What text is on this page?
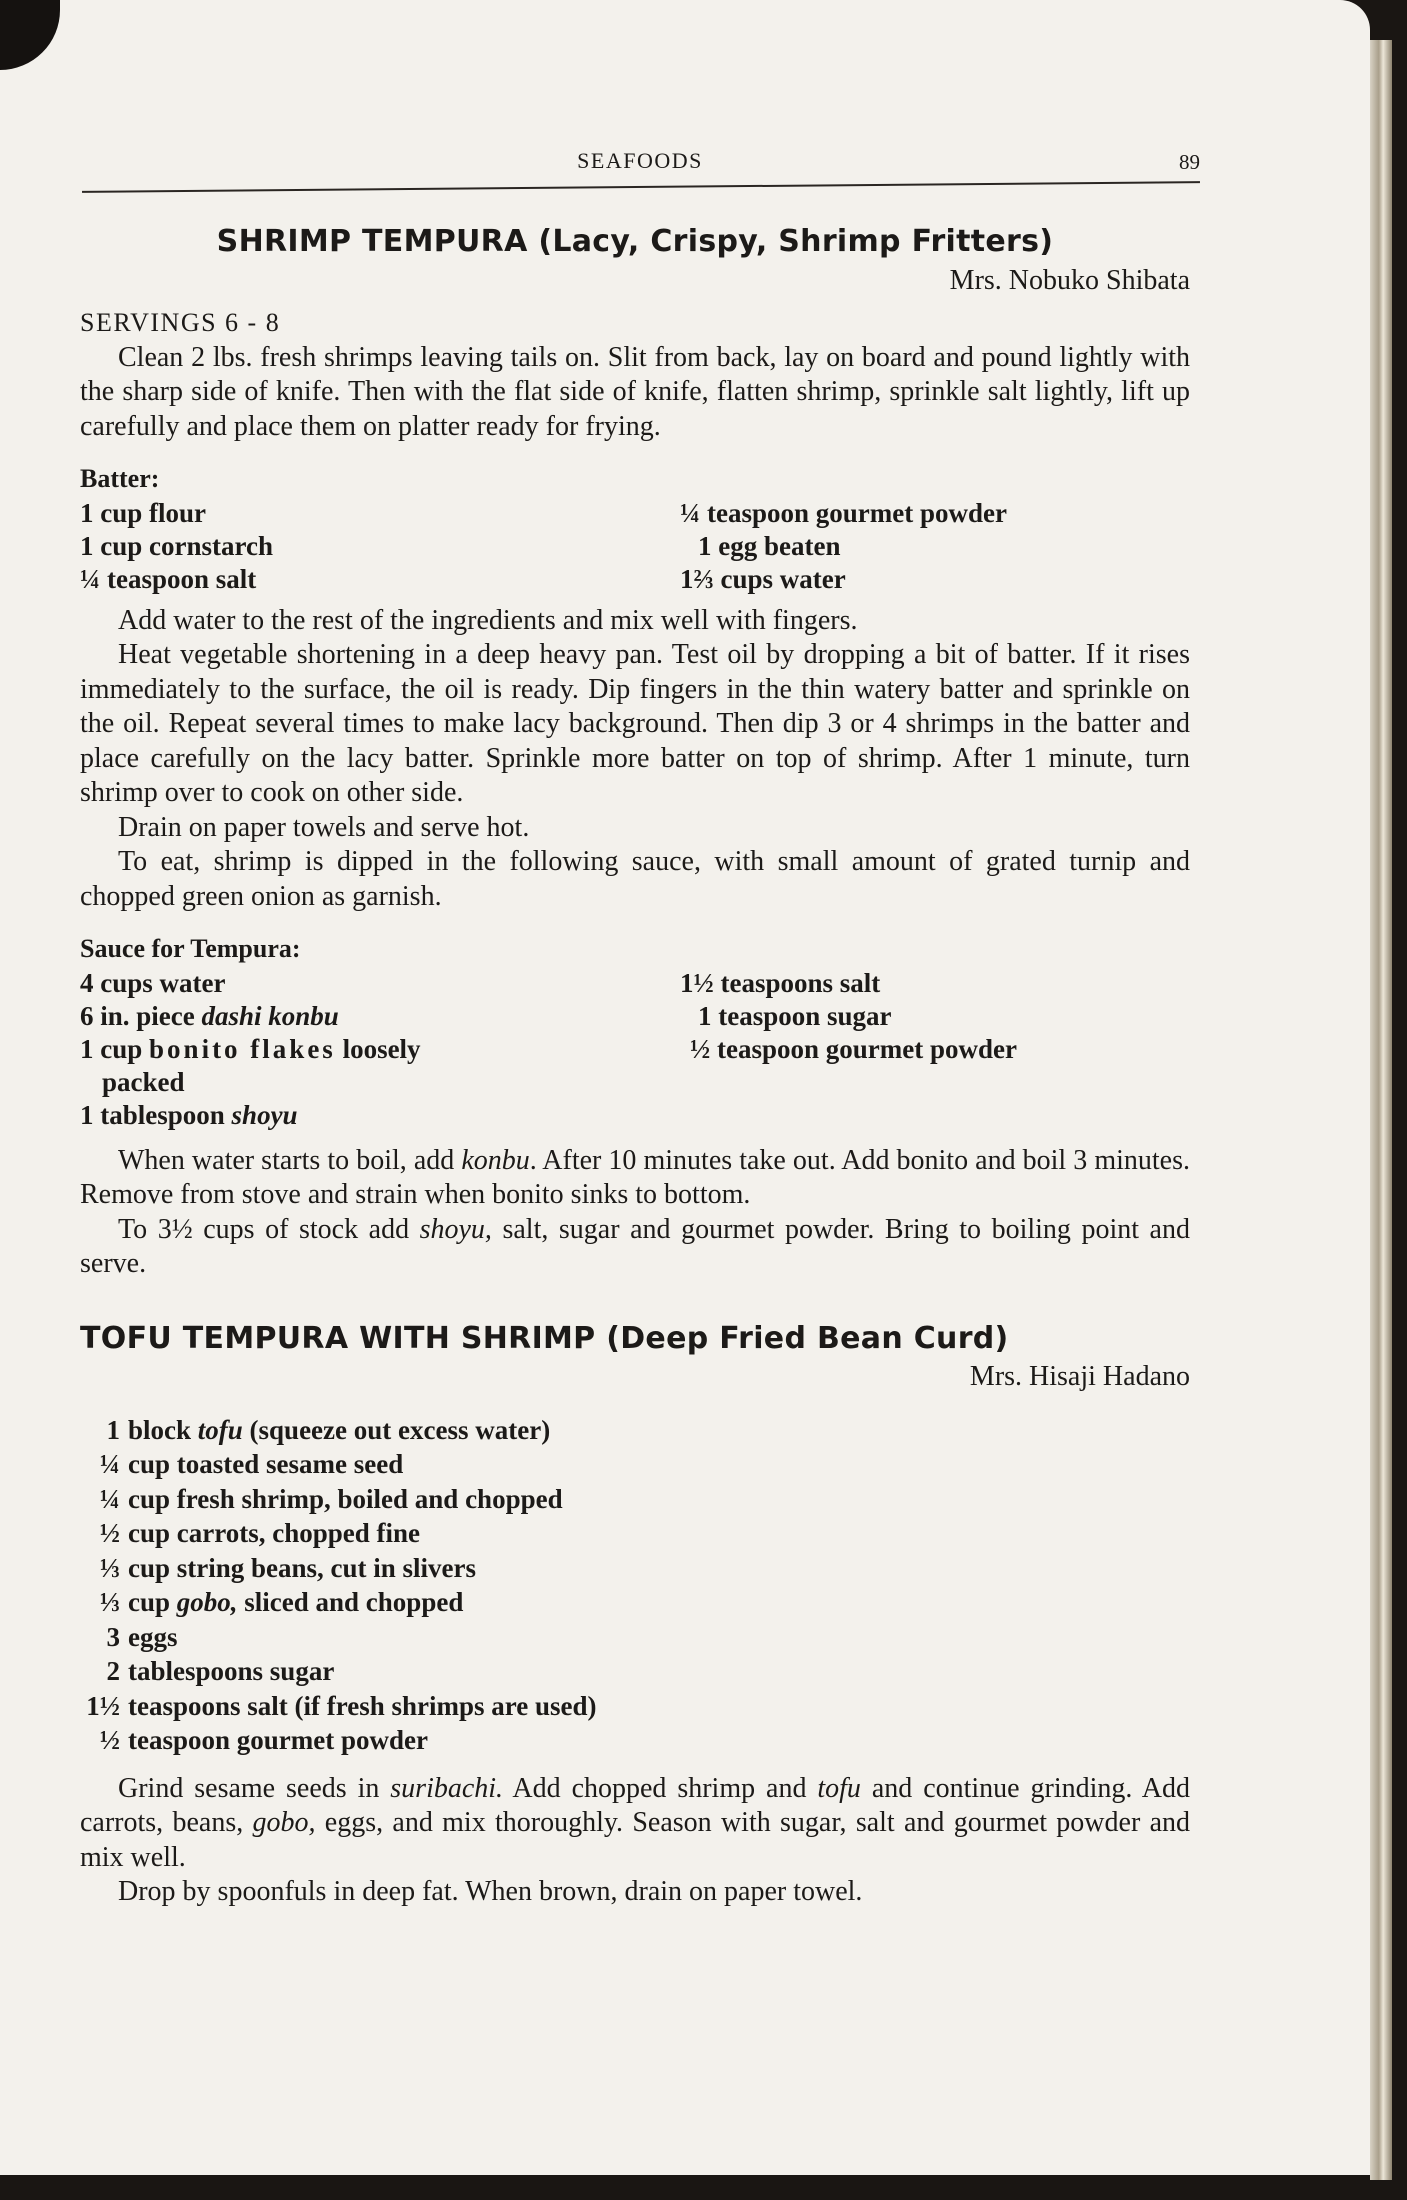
SEAFOODS	89
SHRIMP TEMPURA (Lacy, Crispy, Shrimp Fritters)
Mrs. Nobuko Shibata
SERVINGS 6 - 8

Clean 2 lbs. fresh shrimps leaving tails on. Slit from back, lay on board and pound lightly with the sharp side of knife. Then with the flat side of knife, flatten shrimp, sprinkle salt lightly, lift up carefully and place them on platter ready for frying.

Batter:
1 cup flour
1 cup cornstarch
¼ teaspoon salt
¼ teaspoon gourmet powder
1 egg beaten
1⅔ cups water

Add water to the rest of the ingredients and mix well with fingers.

Heat vegetable shortening in a deep heavy pan. Test oil by dropping a bit of batter. If it rises immediately to the surface, the oil is ready. Dip fingers in the thin watery batter and sprinkle on the oil. Repeat several times to make lacy background. Then dip 3 or 4 shrimps in the batter and place carefully on the lacy batter. Sprinkle more batter on top of shrimp. After 1 minute, turn shrimp over to cook on other side.

Drain on paper towels and serve hot.

To eat, shrimp is dipped in the following sauce, with small amount of grated turnip and chopped green onion as garnish.

Sauce for Tempura:
4 cups water
6 in. piece dashi konbu
1 cup bonito flakes loosely
packed
1 tablespoon shoyu
1½ teaspoons salt
1 teaspoon sugar
½ teaspoon gourmet powder

When water starts to boil, add konbu. After 10 minutes take out. Add bonito and boil 3 minutes. Remove from stove and strain when bonito sinks to bottom.

To 3½ cups of stock add shoyu, salt, sugar and gourmet powder. Bring to boiling point and serve.

TOFU TEMPURA WITH SHRIMP (Deep Fried Bean Curd)
Mrs. Hisaji Hadano
1 block tofu (squeeze out excess water)
¼ cup toasted sesame seed
¼ cup fresh shrimp, boiled and chopped
½ cup carrots, chopped fine
⅓ cup string beans, cut in slivers
⅓ cup gobo, sliced and chopped
3 eggs
2 tablespoons sugar
1½ teaspoons salt (if fresh shrimps are used)
½ teaspoon gourmet powder

Grind sesame seeds in suribachi. Add chopped shrimp and tofu and continue grinding. Add carrots, beans, gobo, eggs, and mix thoroughly. Season with sugar, salt and gourmet powder and mix well.

Drop by spoonfuls in deep fat. When brown, drain on paper towel.
